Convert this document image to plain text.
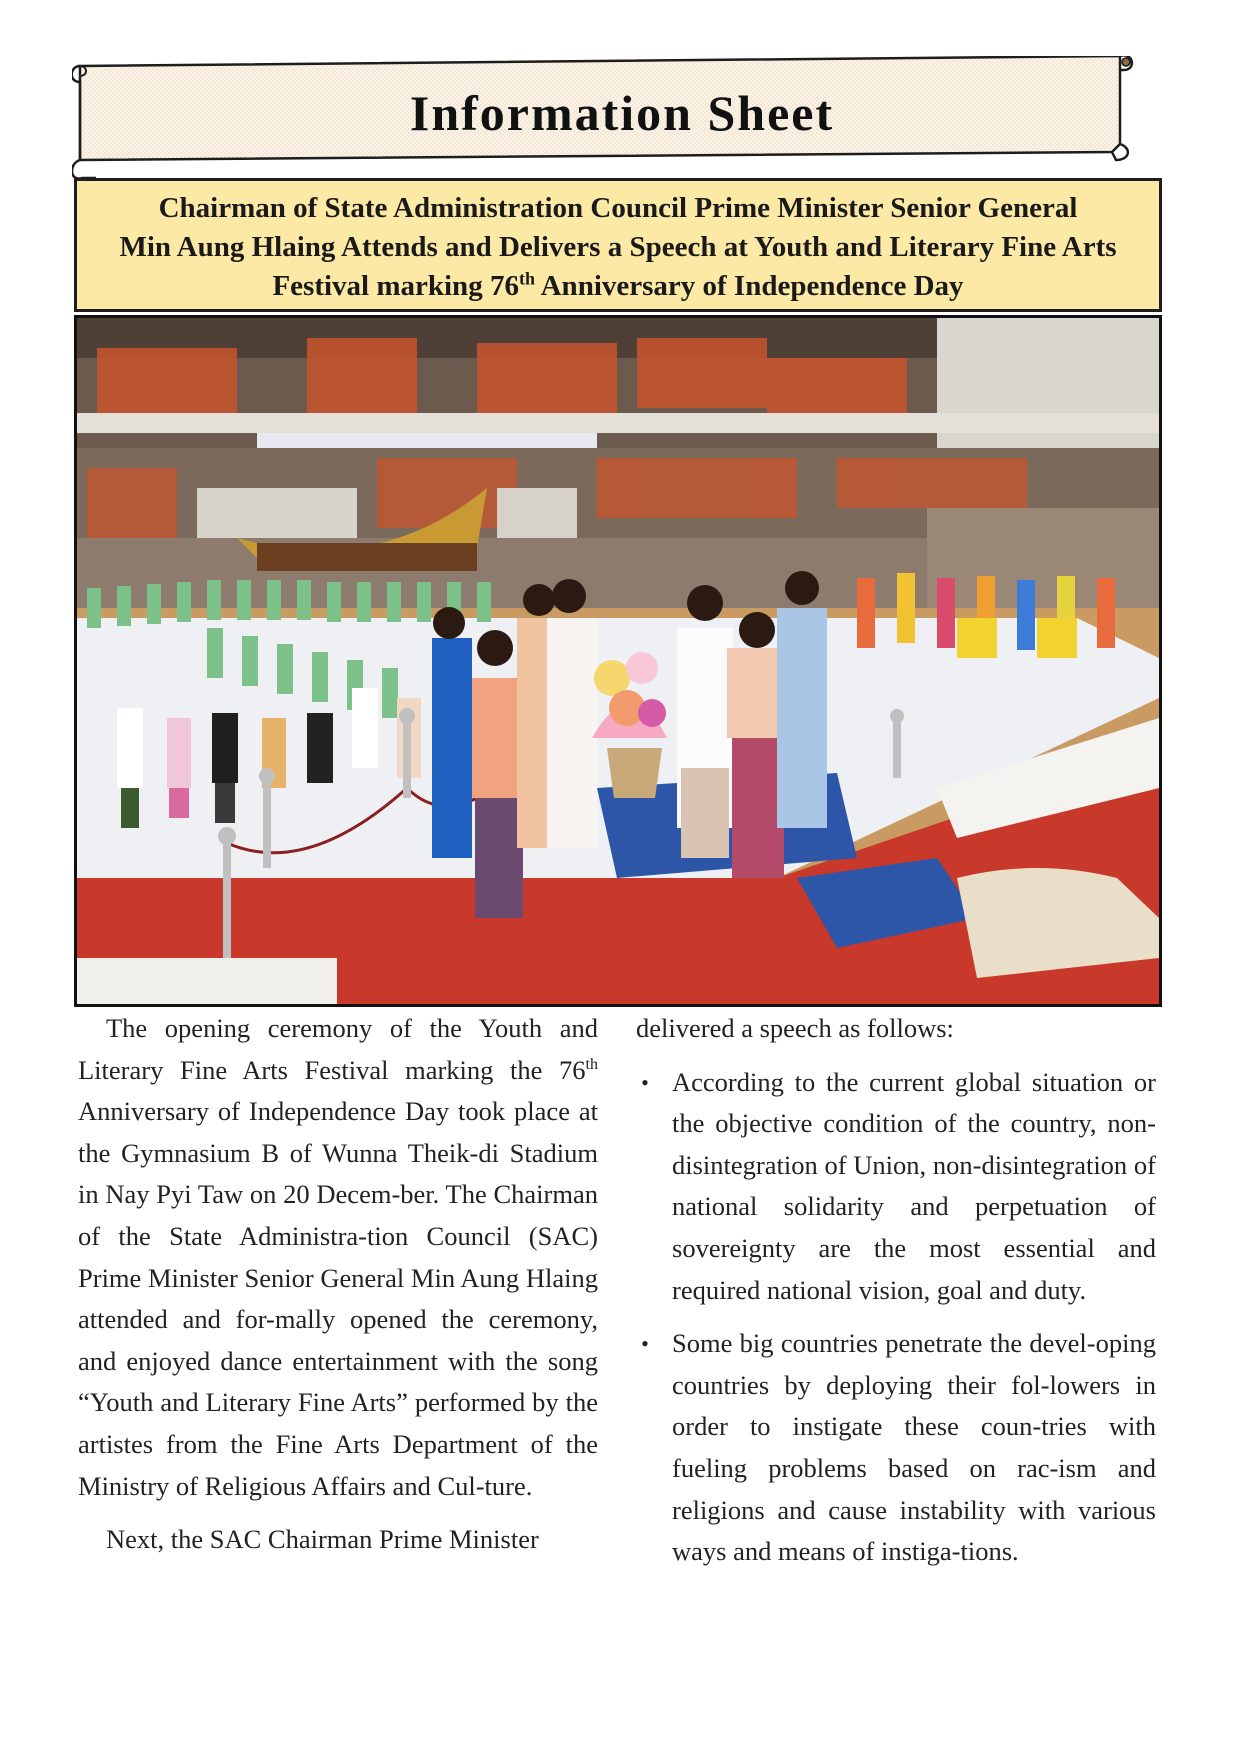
Information Sheet
Chairman of State Administration Council Prime Minister Senior General
Min Aung Hlaing Attends and Delivers a Speech at Youth and Literary Fine Arts
Festival marking 76th Anniversary of Independence Day

The opening ceremony of the Youth and Literary Fine Arts Festival marking the 76th Anniversary of Independence Day took place at the Gymnasium B of Wunna Theik-di Stadium in Nay Pyi Taw on 20 Decem-ber. The Chairman of the State Administra-tion Council (SAC) Prime Minister Senior General Min Aung Hlaing attended and for-mally opened the ceremony, and enjoyed dance entertainment with the song “Youth and Literary Fine Arts” performed by the artistes from the Fine Arts Department of the Ministry of Religious Affairs and Cul-ture.

Next, the SAC Chairman Prime Minister

delivered a speech as follows:

• According to the current global situation or the objective condition of the country, non-disintegration of Union, non-disintegration of national solidarity and perpetuation of sovereignty are the most essential and required national vision, goal and duty.
• Some big countries penetrate the devel-oping countries by deploying their fol-lowers in order to instigate these coun-tries with fueling problems based on rac-ism and religions and cause instability with various ways and means of instiga-tions.
